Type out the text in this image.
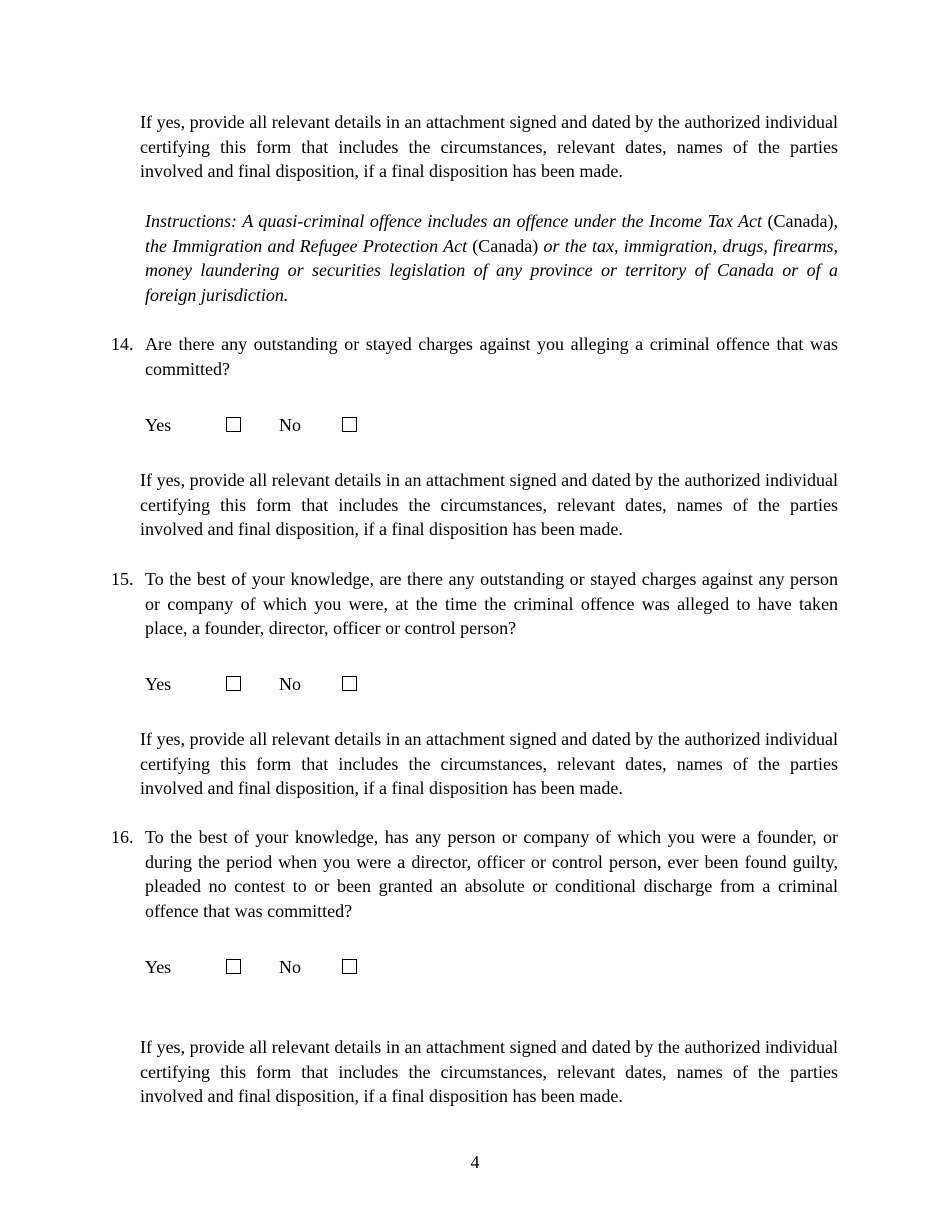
If yes, provide all relevant details in an attachment signed and dated by the authorized individual certifying this form that includes the circumstances, relevant dates, names of the parties involved and final disposition, if a final disposition has been made.

Instructions: A quasi-criminal offence includes an offence under the Income Tax Act (Canada), the Immigration and Refugee Protection Act (Canada) or the tax, immigration, drugs, firearms, money laundering or securities legislation of any province or territory of Canada or of a foreign jurisdiction.

14. Are there any outstanding or stayed charges against you alleging a criminal offence that was committed?

Yes	No

If yes, provide all relevant details in an attachment signed and dated by the authorized individual certifying this form that includes the circumstances, relevant dates, names of the parties involved and final disposition, if a final disposition has been made.

15. To the best of your knowledge, are there any outstanding or stayed charges against any person or company of which you were, at the time the criminal offence was alleged to have taken place, a founder, director, officer or control person?

Yes	No

If yes, provide all relevant details in an attachment signed and dated by the authorized individual certifying this form that includes the circumstances, relevant dates, names of the parties involved and final disposition, if a final disposition has been made.

16. To the best of your knowledge, has any person or company of which you were a founder, or during the period when you were a director, officer or control person, ever been found guilty, pleaded no contest to or been granted an absolute or conditional discharge from a criminal offence that was committed?

Yes	No

If yes, provide all relevant details in an attachment signed and dated by the authorized individual certifying this form that includes the circumstances, relevant dates, names of the parties involved and final disposition, if a final disposition has been made.

4
